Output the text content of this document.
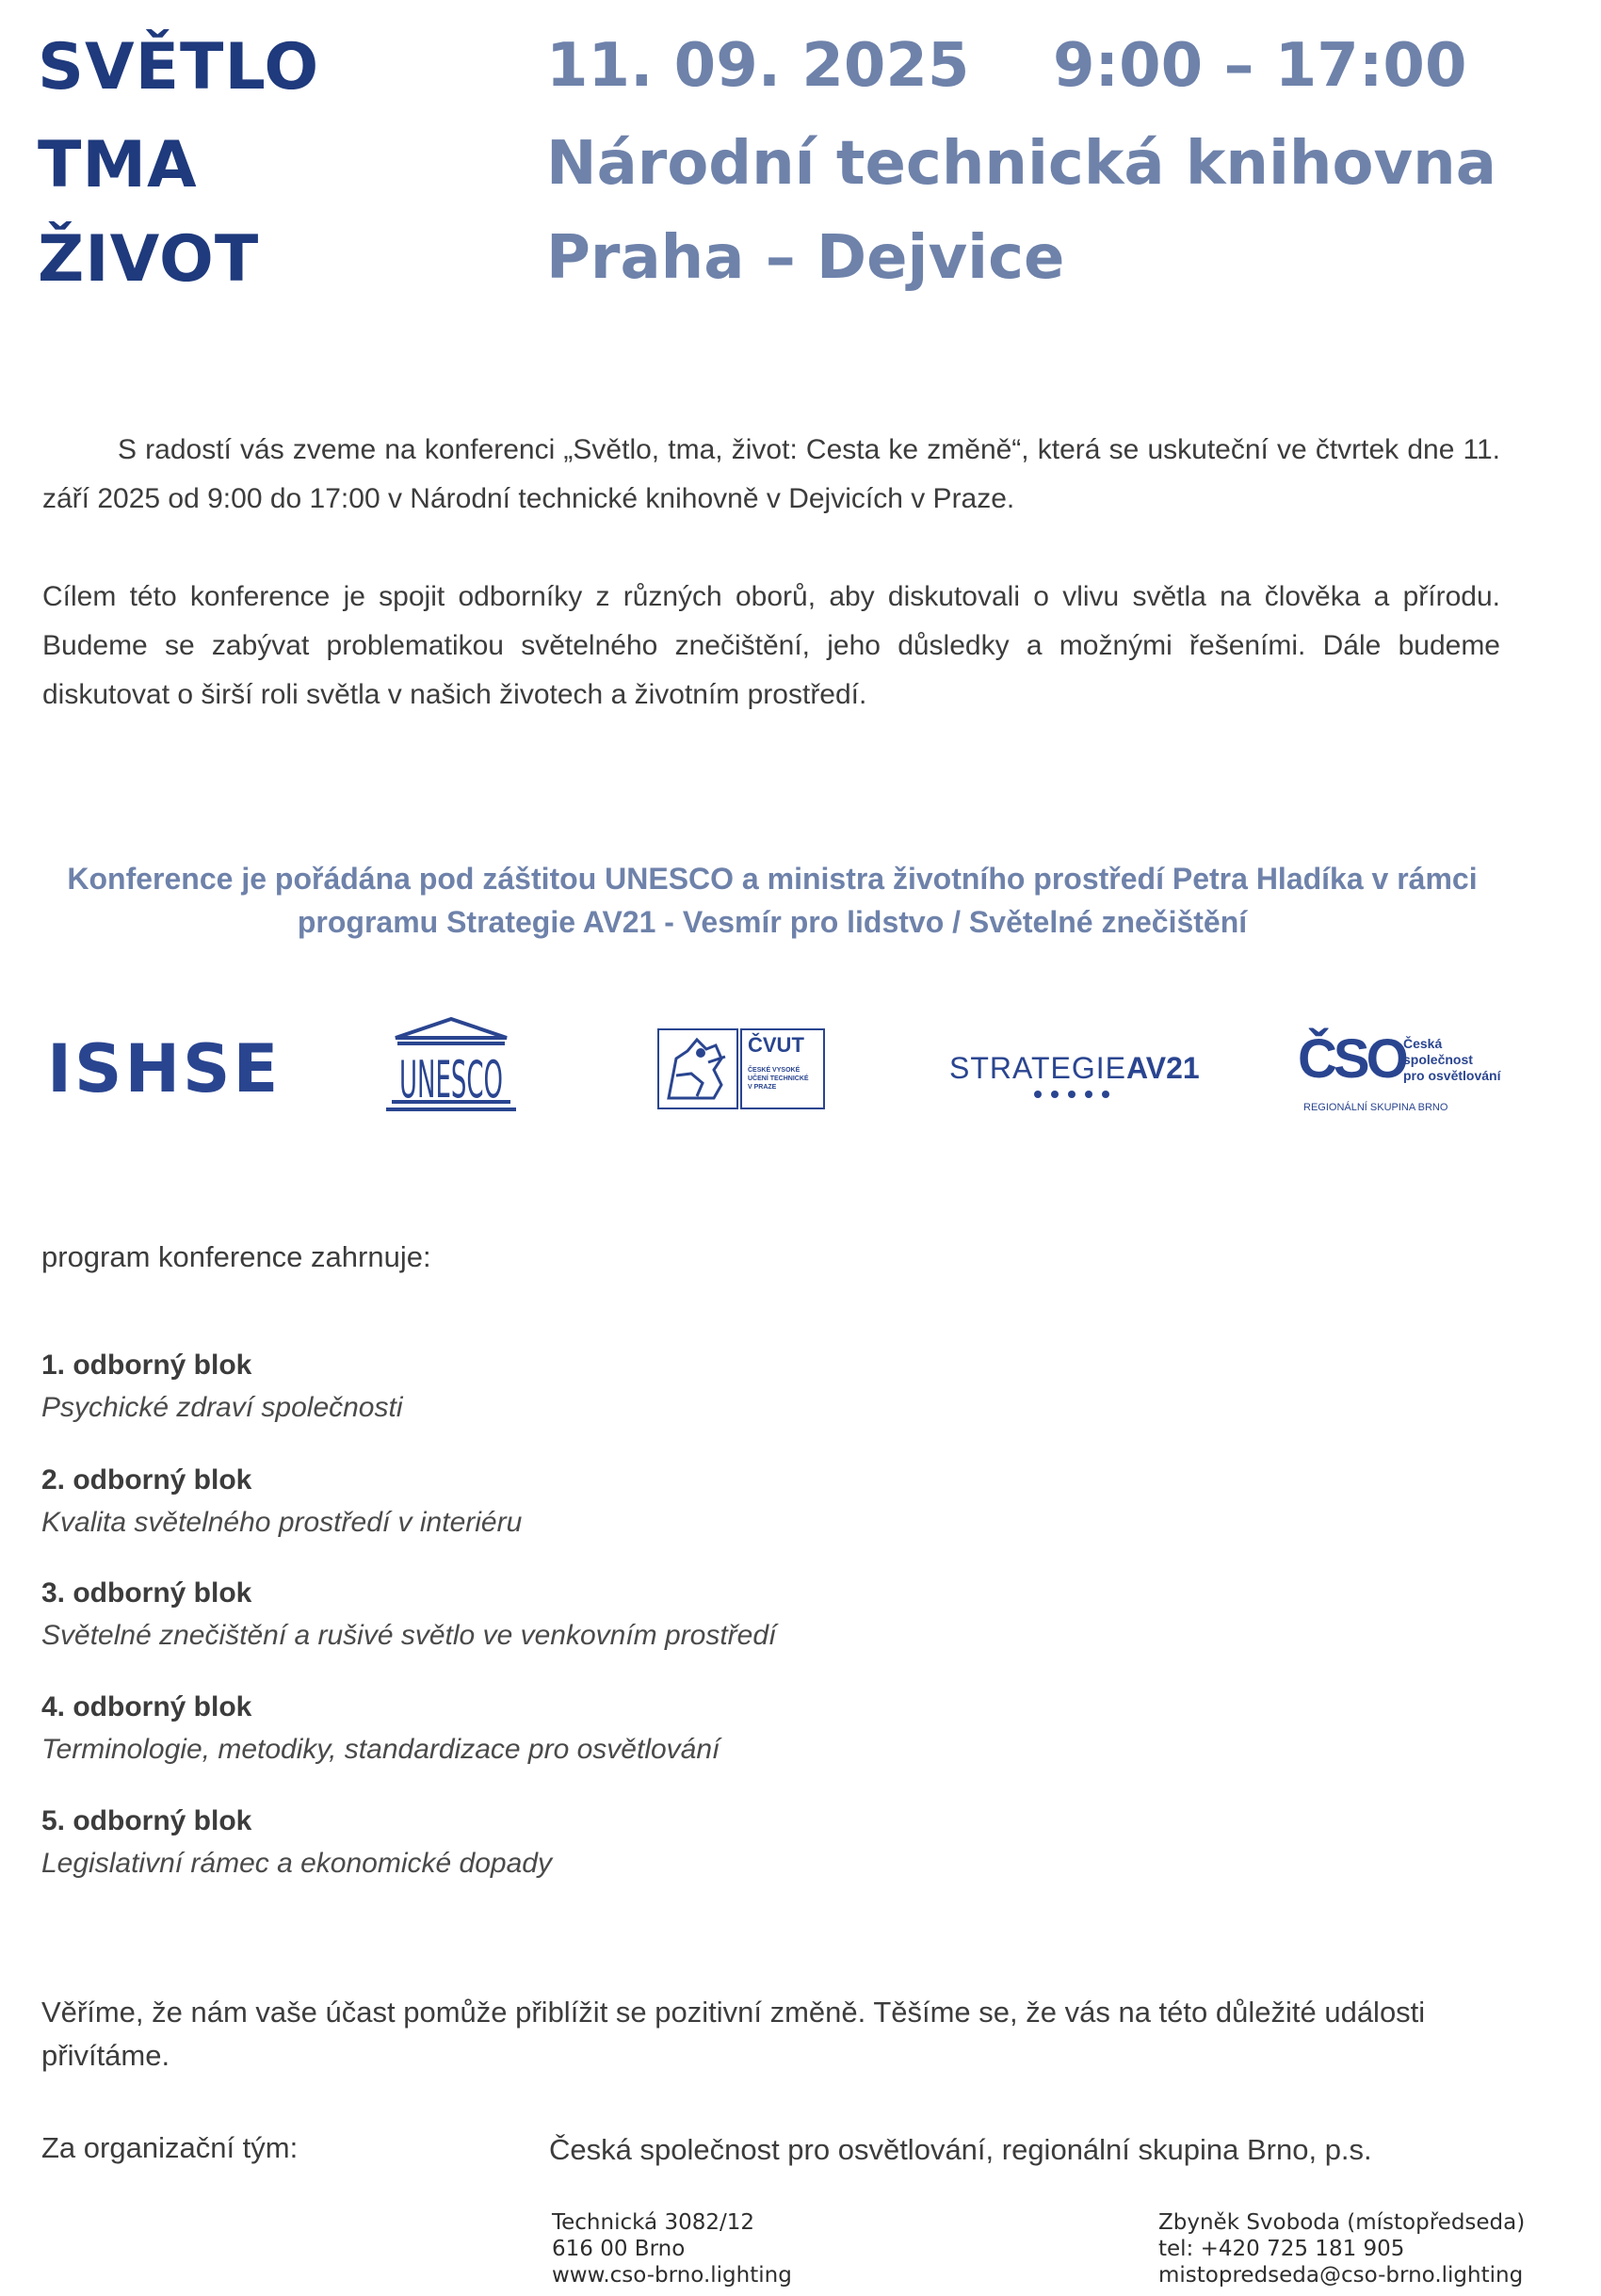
SVĚTLO
TMA
ŽIVOT
11. 09. 2025 9:00 – 17:00
Národní technická knihovna
Praha – Dejvice
S radostí vás zveme na konferenci „Světlo, tma, život: Cesta ke změně“, která se uskuteční ve čtvrtek dne 11. září 2025 od 9:00 do 17:00 v Národní technické knihovně v Dejvicích v Praze.
Cílem této konference je spojit odborníky z různých oborů, aby diskutovali o vlivu světla na člověka a přírodu. Budeme se zabývat problematikou světelného znečištění, jeho důsledky a možnými řešeními. Dále budeme diskutovat o širší roli světla v našich životech a životním prostředí.
Konference je pořádána pod záštitou UNESCO a ministra životního prostředí Petra Hladíka v rámci
programu Strategie AV21 - Vesmír pro lidstvo / Světelné znečištění
ISHSE UNESCO
ČVUT
ČESKÉ VYSOKÉ
UČENÍ TECHNICKÉ
V PRAZE
STRATEGIEAV21 ČSO
Česká
společnost
pro osvětlování
REGIONÁLNÍ SKUPINA BRNO
program konference zahrnuje:
1. odborný blok
Psychické zdraví společnosti
2. odborný blok
Kvalita světelného prostředí v interiéru
3. odborný blok
Světelné znečištění a rušivé světlo ve venkovním prostředí
4. odborný blok
Terminologie, metodiky, standardizace pro osvětlování
5. odborný blok
Legislativní rámec a ekonomické dopady
Věříme, že nám vaše účast pomůže přiblížit se pozitivní změně. Těšíme se, že vás na této důležité události přivítáme.
Za organizační tým:	Česká společnost pro osvětlování, regionální skupina Brno, p.s.
Technická 3082/12
616 00 Brno
www.cso-brno.lighting
Zbyněk Svoboda (místopředseda)
tel: +420 725 181 905
mistopredseda@cso-brno.lighting
